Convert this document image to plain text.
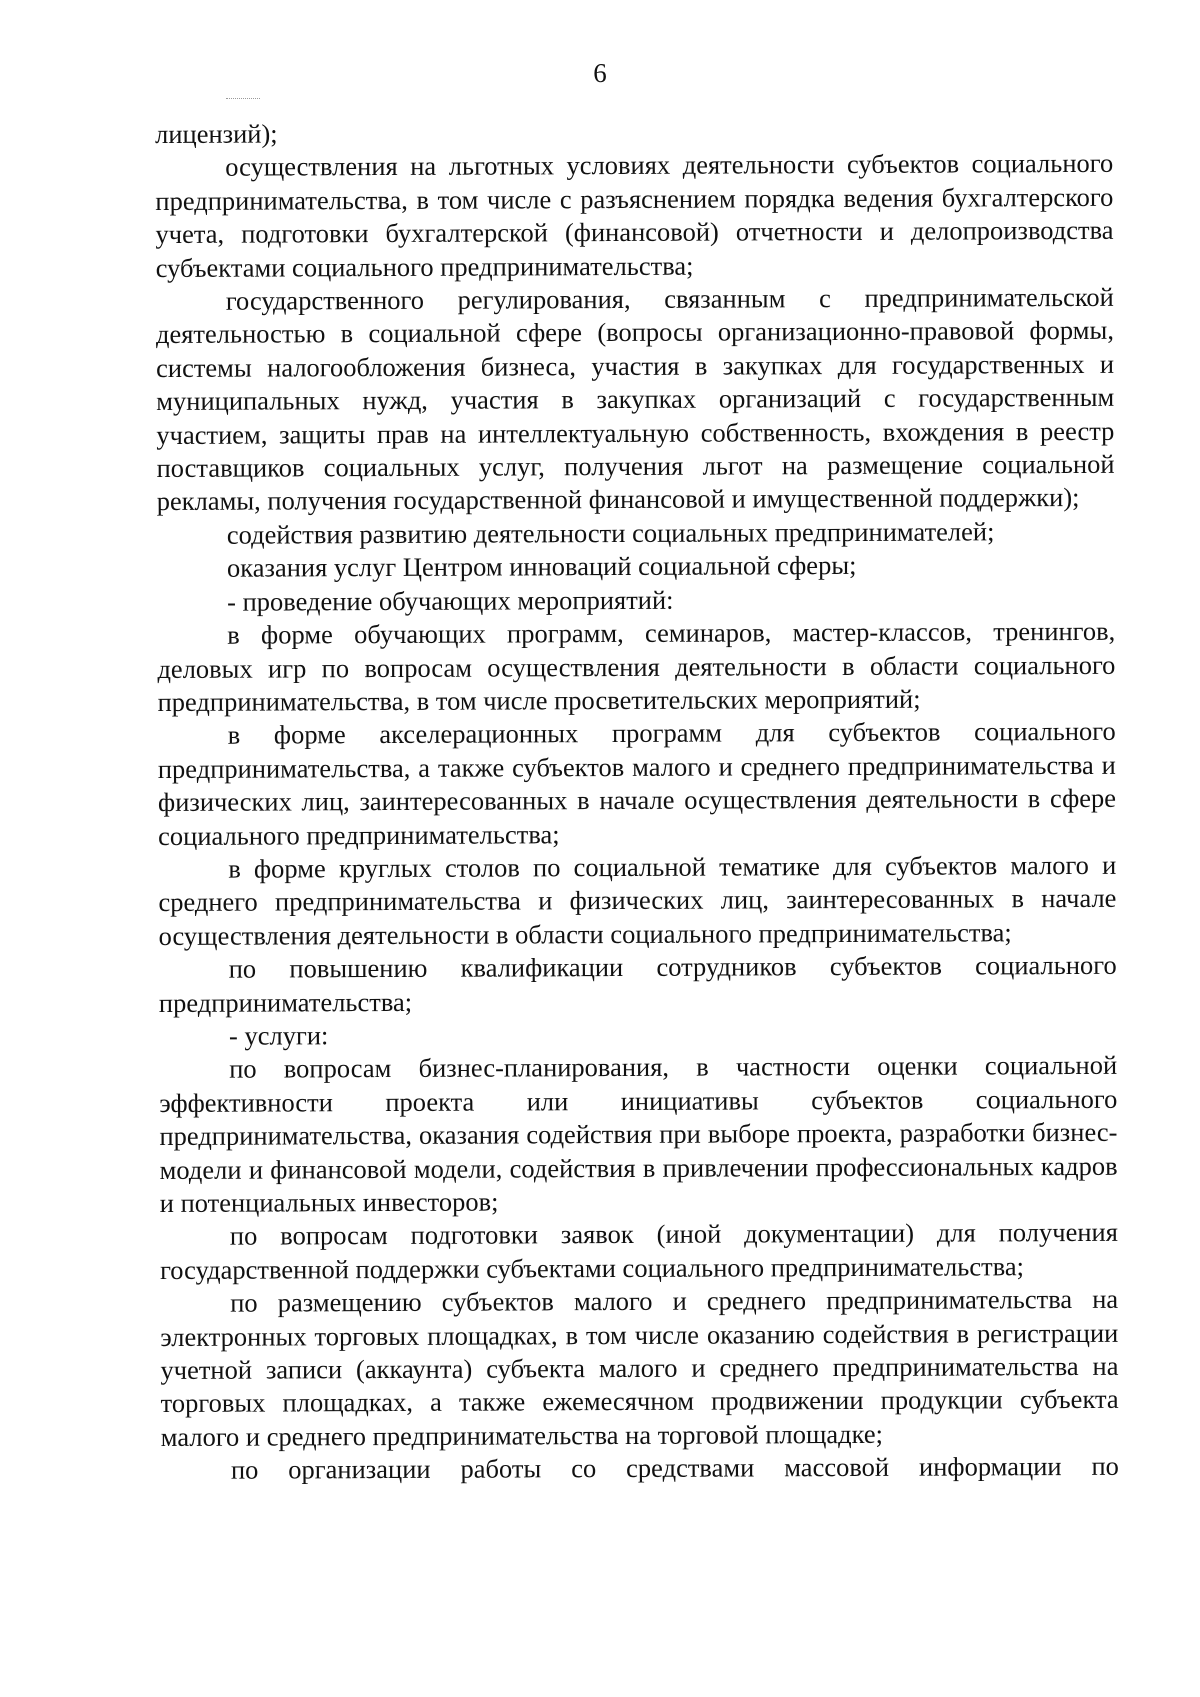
6

лицензий);

осуществления на льготных условиях деятельности субъектов социального предпринимательства, в том числе с разъяснением порядка ведения бухгалтерского учета, подготовки бухгалтерской (финансовой) отчетности и делопроизводства субъектами социального предпринимательства;

государственного регулирования, связанным с предпринимательской деятельностью в социальной сфере (вопросы организационно-правовой формы, системы налогообложения бизнеса, участия в закупках для государственных и муниципальных нужд, участия в закупках организаций с государственным участием, защиты прав на интеллектуальную собственность, вхождения в реестр поставщиков социальных услуг, получения льгот на размещение социальной рекламы, получения государственной финансовой и имущественной поддержки);

содействия развитию деятельности социальных предпринимателей;

оказания услуг Центром инноваций социальной сферы;

- проведение обучающих мероприятий:

в форме обучающих программ, семинаров, мастер-классов, тренингов, деловых игр по вопросам осуществления деятельности в области социального предпринимательства, в том числе просветительских мероприятий;

в форме акселерационных программ для субъектов социального предпринимательства, а также субъектов малого и среднего предпринимательства и физических лиц, заинтересованных в начале осуществления деятельности в сфере социального предпринимательства;

в форме круглых столов по социальной тематике для субъектов малого и среднего предпринимательства и физических лиц, заинтересованных в начале осуществления деятельности в области социального предпринимательства;

по повышению квалификации сотрудников субъектов социального предпринимательства;

- услуги:

по вопросам бизнес-планирования, в частности оценки социальной эффективности проекта или инициативы субъектов социального предпринимательства, оказания содействия при выборе проекта, разработки бизнес-модели и финансовой модели, содействия в привлечении профессиональных кадров и потенциальных инвесторов;

по вопросам подготовки заявок (иной документации) для получения государственной поддержки субъектами социального предпринимательства;

по размещению субъектов малого и среднего предпринимательства на электронных торговых площадках, в том числе оказанию содействия в регистрации учетной записи (аккаунта) субъекта малого и среднего предпринимательства на торговых площадках, а также ежемесячном продвижении продукции субъекта малого и среднего предпринимательства на торговой площадке;

по организации работы со средствами массовой информации по
